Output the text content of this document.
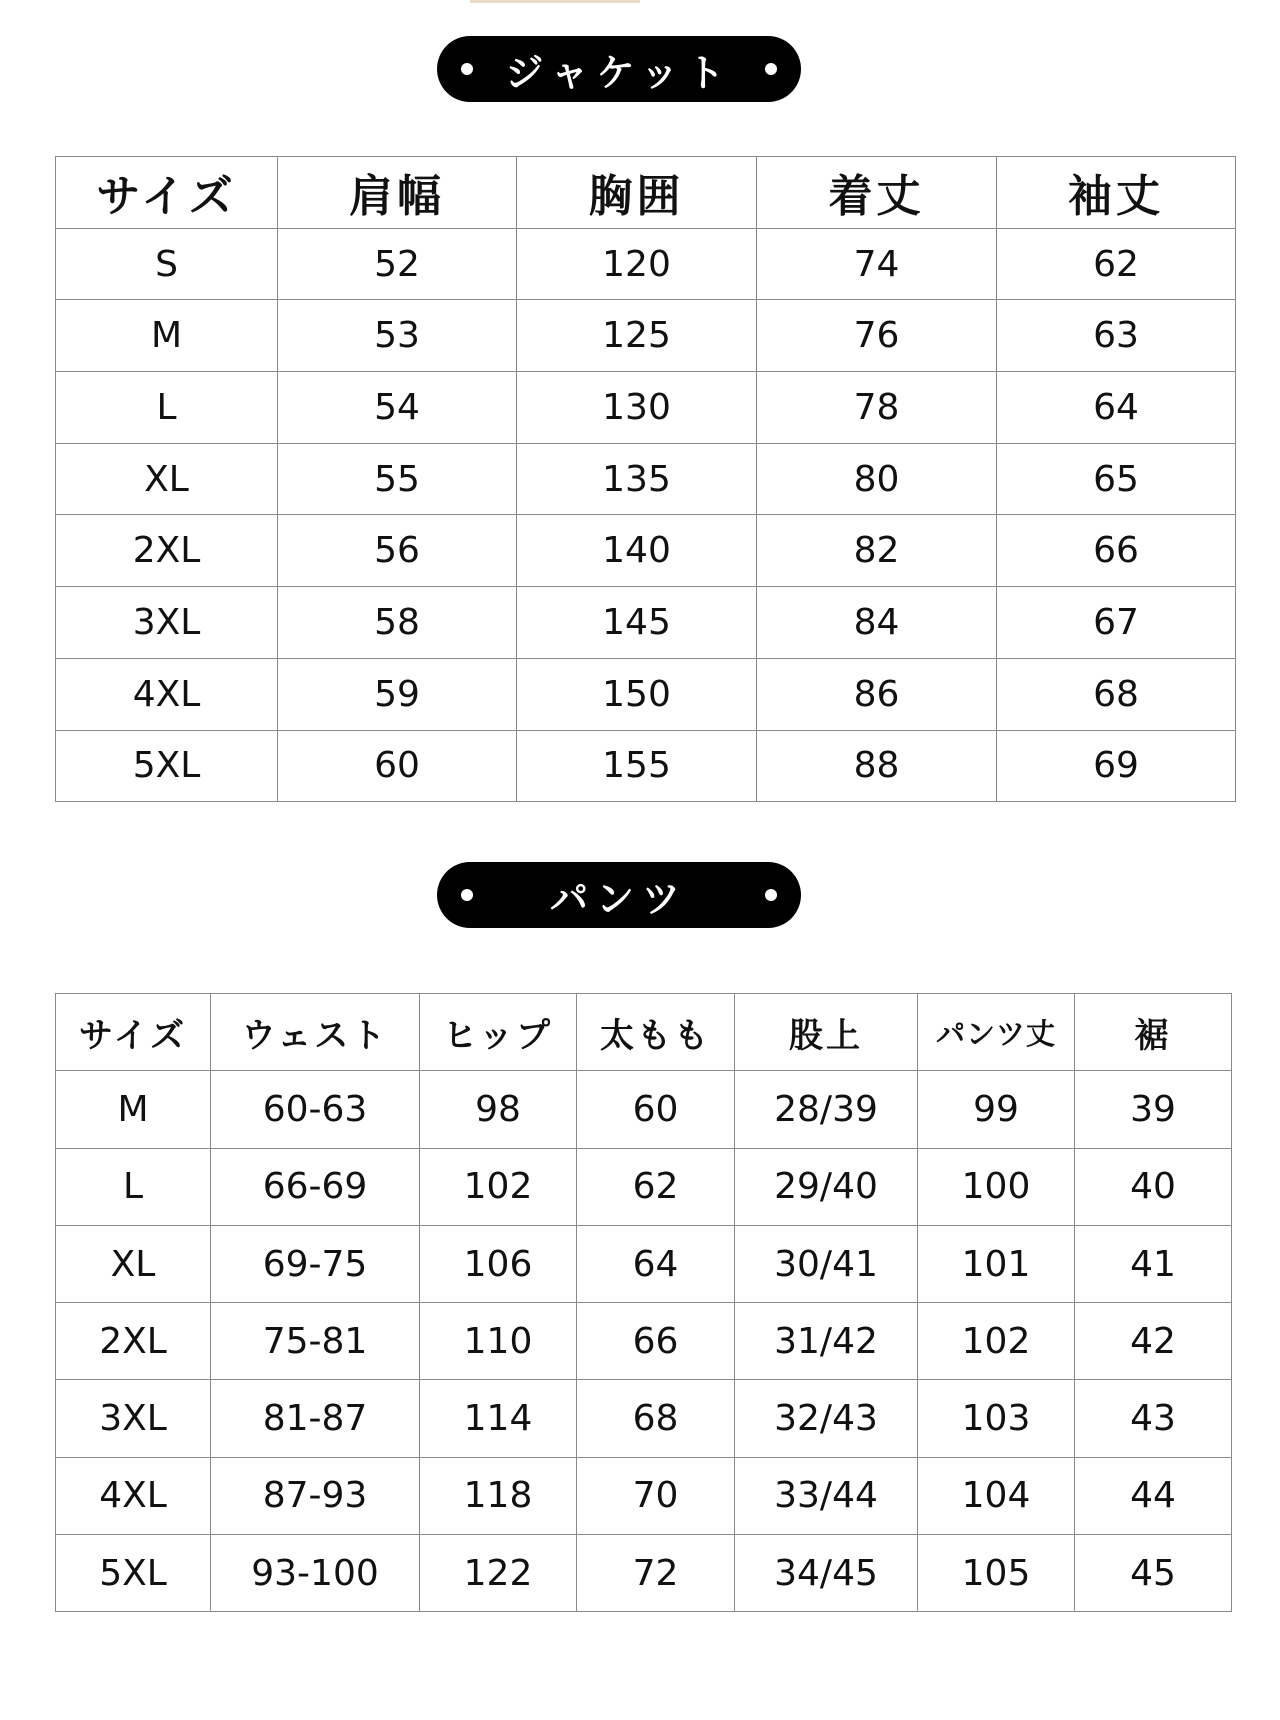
ジャケット
サイズ	肩幅	胸囲	着丈	袖丈
S	52	120	74	62
M	53	125	76	63
L	54	130	78	64
XL	55	135	80	65
2XL	56	140	82	66
3XL	58	145	84	67
4XL	59	150	86	68
5XL	60	155	88	69
パンツ
サイズ	ウェスト	ヒップ	太もも	股上	パンツ丈	裾
M	60-63	98	60	28/39	99	39
L	66-69	102	62	29/40	100	40
XL	69-75	106	64	30/41	101	41
2XL	75-81	110	66	31/42	102	42
3XL	81-87	114	68	32/43	103	43
4XL	87-93	118	70	33/44	104	44
5XL	93-100	122	72	34/45	105	45
